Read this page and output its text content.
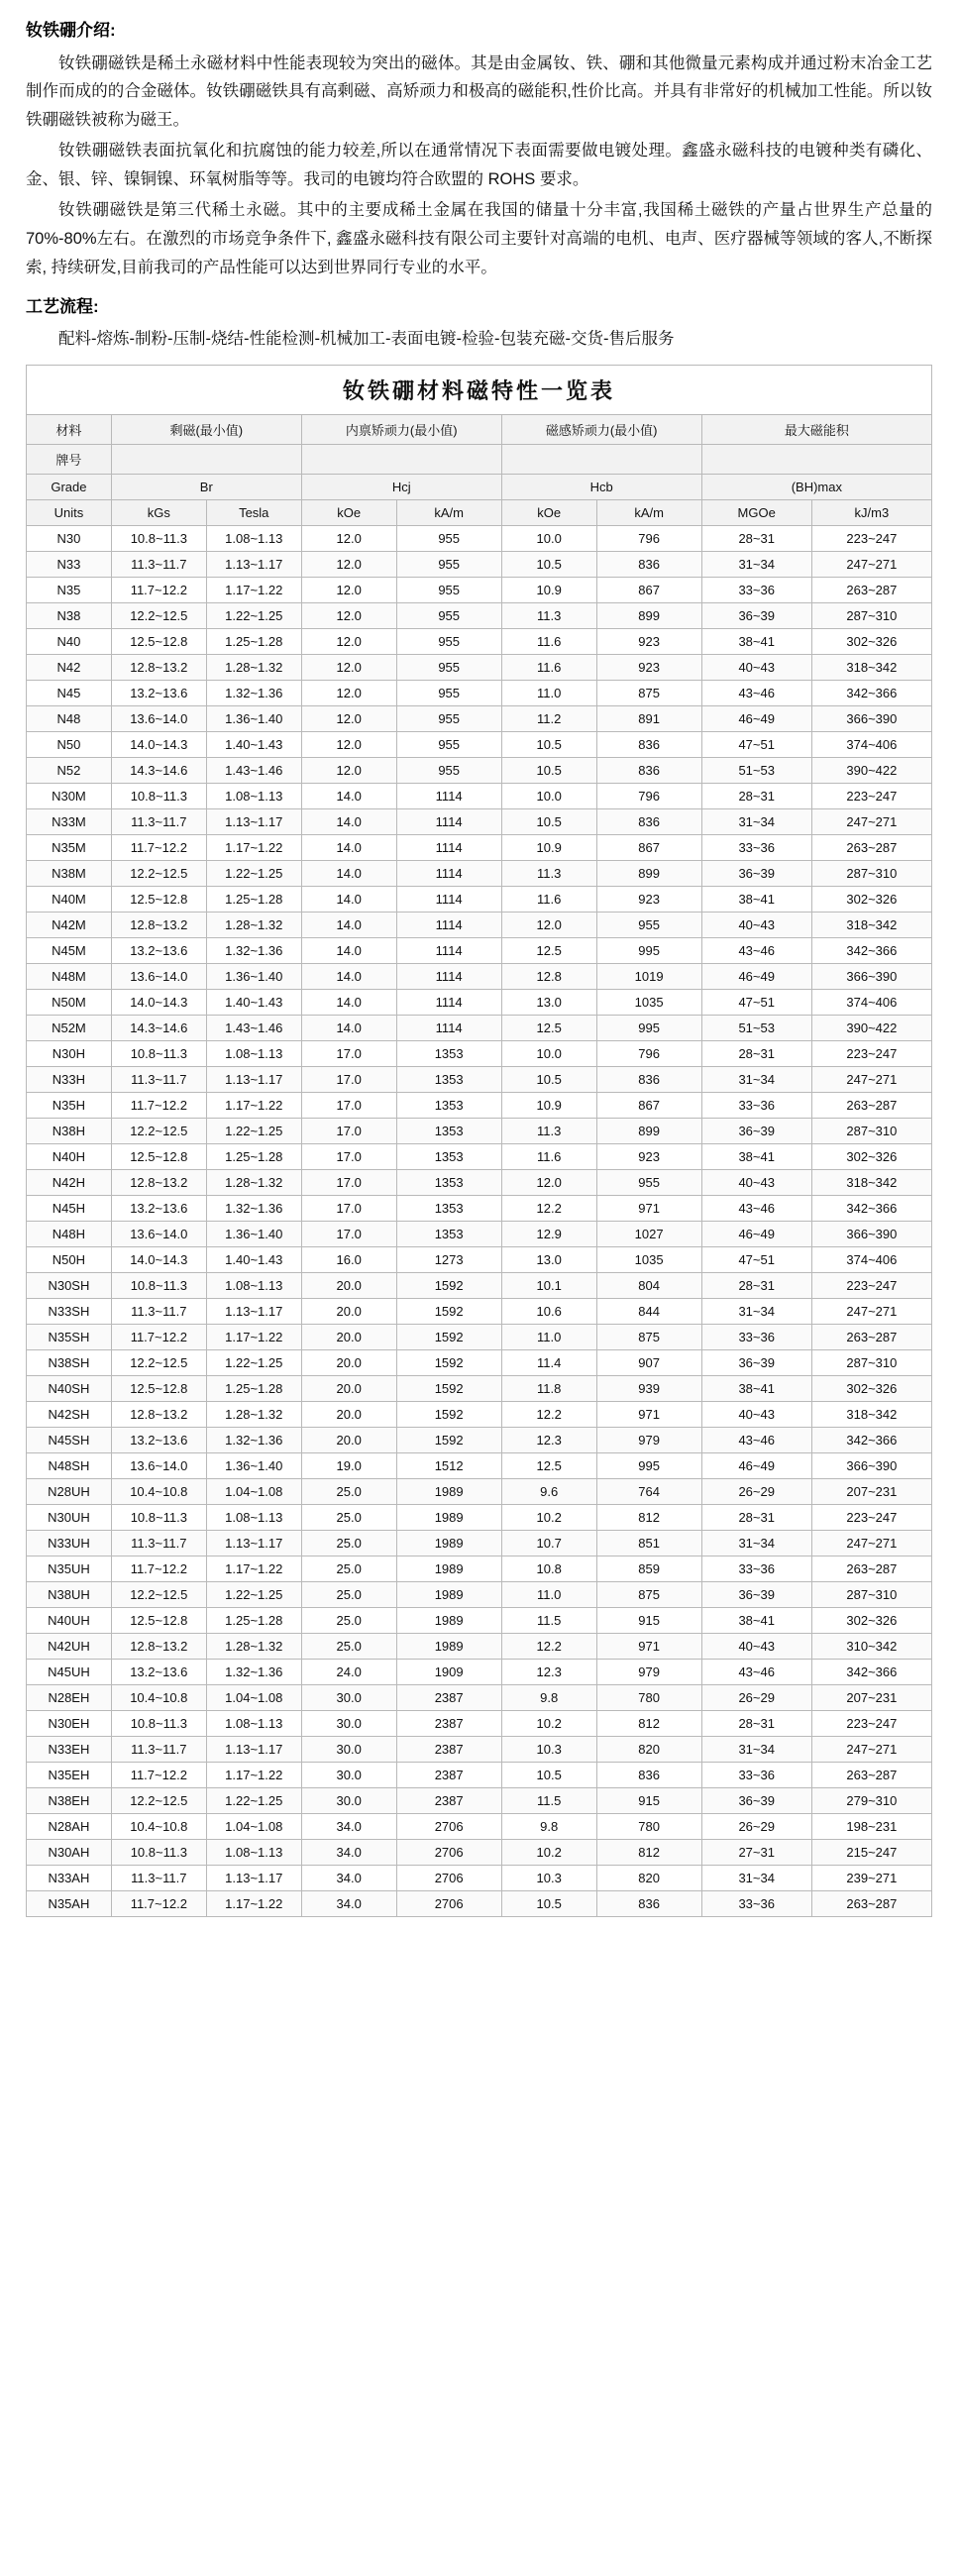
钕铁硼介绍:

钕铁硼磁铁是稀土永磁材料中性能表现较为突出的磁体。其是由金属钕、铁、硼和其他微量元素构成并通过粉末冶金工艺制作而成的的合金磁体。钕铁硼磁铁具有高剩磁、高矫顽力和极高的磁能积,性价比高。并具有非常好的机械加工性能。所以钕铁硼磁铁被称为磁王。

钕铁硼磁铁表面抗氧化和抗腐蚀的能力较差,所以在通常情况下表面需要做电镀处理。鑫盛永磁科技的电镀种类有磷化、金、银、锌、镍铜镍、环氧树脂等等。我司的电镀均符合欧盟的 ROHS 要求。

钕铁硼磁铁是第三代稀土永磁。其中的主要成稀土金属在我国的储量十分丰富,我国稀土磁铁的产量占世界生产总量的 70%-80%左右。在激烈的市场竞争条件下, 鑫盛永磁科技有限公司主要针对高端的电机、电声、医疗器械等领域的客人,不断探索, 持续研发,目前我司的产品性能可以达到世界同行专业的水平。

工艺流程:

配料-熔炼-制粉-压制-烧结-性能检测-机械加工-表面电镀-检验-包装充磁-交货-售后服务

钕铁硼材料磁特性一览表								
材料	剩磁(最小值)		内禀矫顽力(最小值)		磁感矫顽力(最小值)		最大磁能积	
牌号								
Grade	Br		Hcj		Hcb		(BH)max	
Units	kGs	Tesla	kOe	kA/m	kOe	kA/m	MGOe	kJ/m3
N30	10.8~11.3	1.08~1.13	12.0	955	10.0	796	28~31	223~247
N33	11.3~11.7	1.13~1.17	12.0	955	10.5	836	31~34	247~271
N35	11.7~12.2	1.17~1.22	12.0	955	10.9	867	33~36	263~287
N38	12.2~12.5	1.22~1.25	12.0	955	11.3	899	36~39	287~310
N40	12.5~12.8	1.25~1.28	12.0	955	11.6	923	38~41	302~326
N42	12.8~13.2	1.28~1.32	12.0	955	11.6	923	40~43	318~342
N45	13.2~13.6	1.32~1.36	12.0	955	11.0	875	43~46	342~366
N48	13.6~14.0	1.36~1.40	12.0	955	11.2	891	46~49	366~390
N50	14.0~14.3	1.40~1.43	12.0	955	10.5	836	47~51	374~406
N52	14.3~14.6	1.43~1.46	12.0	955	10.5	836	51~53	390~422
N30M	10.8~11.3	1.08~1.13	14.0	1114	10.0	796	28~31	223~247
N33M	11.3~11.7	1.13~1.17	14.0	1114	10.5	836	31~34	247~271
N35M	11.7~12.2	1.17~1.22	14.0	1114	10.9	867	33~36	263~287
N38M	12.2~12.5	1.22~1.25	14.0	1114	11.3	899	36~39	287~310
N40M	12.5~12.8	1.25~1.28	14.0	1114	11.6	923	38~41	302~326
N42M	12.8~13.2	1.28~1.32	14.0	1114	12.0	955	40~43	318~342
N45M	13.2~13.6	1.32~1.36	14.0	1114	12.5	995	43~46	342~366
N48M	13.6~14.0	1.36~1.40	14.0	1114	12.8	1019	46~49	366~390
N50M	14.0~14.3	1.40~1.43	14.0	1114	13.0	1035	47~51	374~406
N52M	14.3~14.6	1.43~1.46	14.0	1114	12.5	995	51~53	390~422
N30H	10.8~11.3	1.08~1.13	17.0	1353	10.0	796	28~31	223~247
N33H	11.3~11.7	1.13~1.17	17.0	1353	10.5	836	31~34	247~271
N35H	11.7~12.2	1.17~1.22	17.0	1353	10.9	867	33~36	263~287
N38H	12.2~12.5	1.22~1.25	17.0	1353	11.3	899	36~39	287~310
N40H	12.5~12.8	1.25~1.28	17.0	1353	11.6	923	38~41	302~326
N42H	12.8~13.2	1.28~1.32	17.0	1353	12.0	955	40~43	318~342
N45H	13.2~13.6	1.32~1.36	17.0	1353	12.2	971	43~46	342~366
N48H	13.6~14.0	1.36~1.40	17.0	1353	12.9	1027	46~49	366~390
N50H	14.0~14.3	1.40~1.43	16.0	1273	13.0	1035	47~51	374~406
N30SH	10.8~11.3	1.08~1.13	20.0	1592	10.1	804	28~31	223~247
N33SH	11.3~11.7	1.13~1.17	20.0	1592	10.6	844	31~34	247~271
N35SH	11.7~12.2	1.17~1.22	20.0	1592	11.0	875	33~36	263~287
N38SH	12.2~12.5	1.22~1.25	20.0	1592	11.4	907	36~39	287~310
N40SH	12.5~12.8	1.25~1.28	20.0	1592	11.8	939	38~41	302~326
N42SH	12.8~13.2	1.28~1.32	20.0	1592	12.2	971	40~43	318~342
N45SH	13.2~13.6	1.32~1.36	20.0	1592	12.3	979	43~46	342~366
N48SH	13.6~14.0	1.36~1.40	19.0	1512	12.5	995	46~49	366~390
N28UH	10.4~10.8	1.04~1.08	25.0	1989	9.6	764	26~29	207~231
N30UH	10.8~11.3	1.08~1.13	25.0	1989	10.2	812	28~31	223~247
N33UH	11.3~11.7	1.13~1.17	25.0	1989	10.7	851	31~34	247~271
N35UH	11.7~12.2	1.17~1.22	25.0	1989	10.8	859	33~36	263~287
N38UH	12.2~12.5	1.22~1.25	25.0	1989	11.0	875	36~39	287~310
N40UH	12.5~12.8	1.25~1.28	25.0	1989	11.5	915	38~41	302~326
N42UH	12.8~13.2	1.28~1.32	25.0	1989	12.2	971	40~43	310~342
N45UH	13.2~13.6	1.32~1.36	24.0	1909	12.3	979	43~46	342~366
N28EH	10.4~10.8	1.04~1.08	30.0	2387	9.8	780	26~29	207~231
N30EH	10.8~11.3	1.08~1.13	30.0	2387	10.2	812	28~31	223~247
N33EH	11.3~11.7	1.13~1.17	30.0	2387	10.3	820	31~34	247~271
N35EH	11.7~12.2	1.17~1.22	30.0	2387	10.5	836	33~36	263~287
N38EH	12.2~12.5	1.22~1.25	30.0	2387	11.5	915	36~39	279~310
N28AH	10.4~10.8	1.04~1.08	34.0	2706	9.8	780	26~29	198~231
N30AH	10.8~11.3	1.08~1.13	34.0	2706	10.2	812	27~31	215~247
N33AH	11.3~11.7	1.13~1.17	34.0	2706	10.3	820	31~34	239~271
N35AH	11.7~12.2	1.17~1.22	34.0	2706	10.5	836	33~36	263~287
